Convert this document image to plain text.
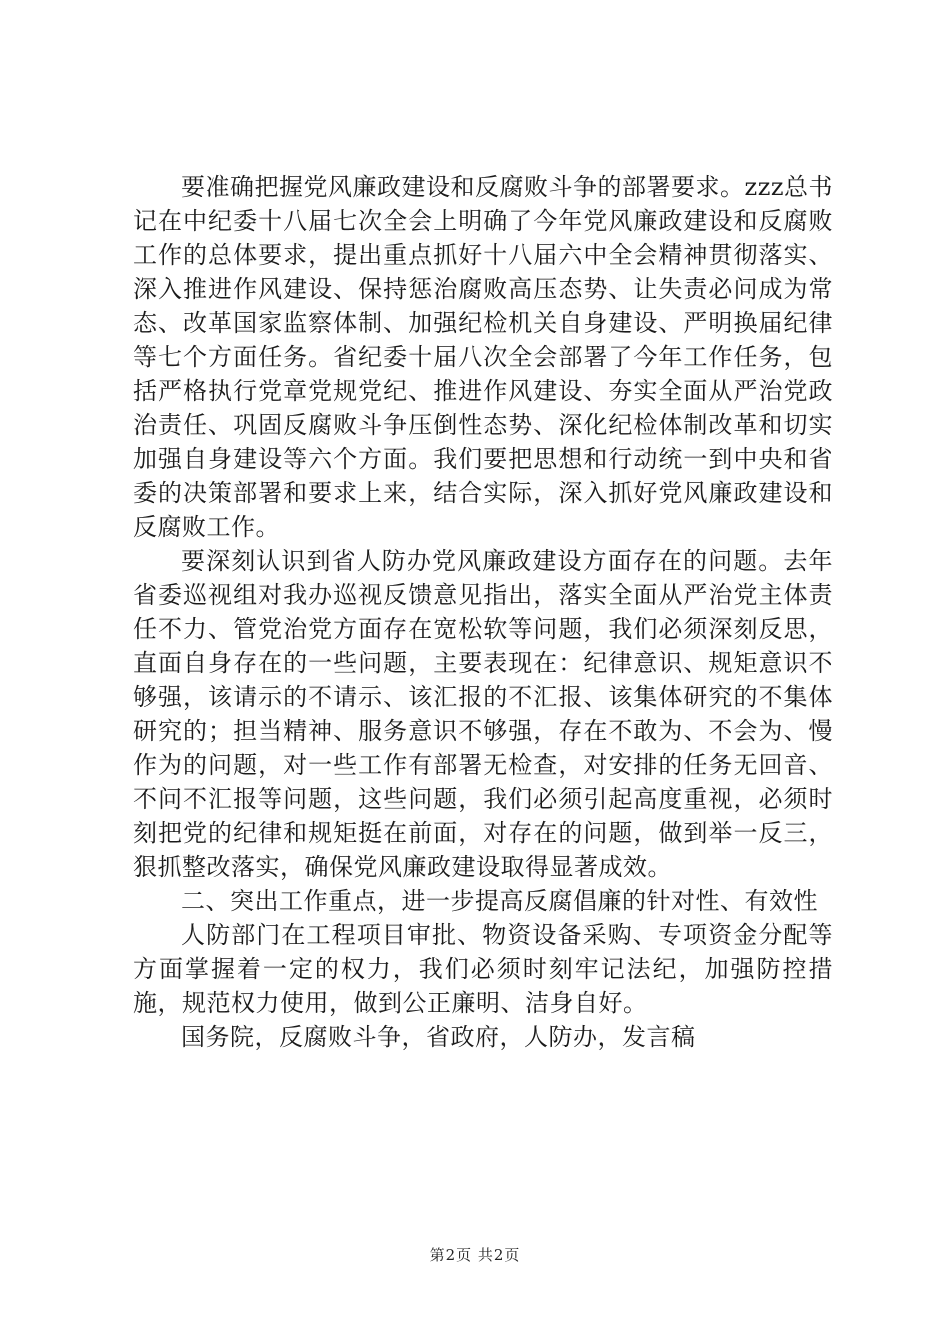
要准确把握党风廉政建设和反腐败斗争的部署要求。zzz总书记在中纪委十八届七次全会上明确了今年党风廉政建设和反腐败工作的总体要求，提出重点抓好十八届六中全会精神贯彻落实、深入推进作风建设、保持惩治腐败高压态势、让失责必问成为常态、改革国家监察体制、加强纪检机关自身建设、严明换届纪律等七个方面任务。省纪委十届八次全会部署了今年工作任务，包括严格执行党章党规党纪、推进作风建设、夯实全面从严治党政治责任、巩固反腐败斗争压倒性态势、深化纪检体制改革和切实加强自身建设等六个方面。我们要把思想和行动统一到中央和省委的决策部署和要求上来，结合实际，深入抓好党风廉政建设和反腐败工作。

要深刻认识到省人防办党风廉政建设方面存在的问题。去年省委巡视组对我办巡视反馈意见指出，落实全面从严治党主体责任不力、管党治党方面存在宽松软等问题，我们必须深刻反思，直面自身存在的一些问题，主要表现在：纪律意识、规矩意识不够强，该请示的不请示、该汇报的不汇报、该集体研究的不集体研究的；担当精神、服务意识不够强，存在不敢为、不会为、慢作为的问题，对一些工作有部署无检查，对安排的任务无回音、不问不汇报等问题，这些问题，我们必须引起高度重视，必须时刻把党的纪律和规矩挺在前面，对存在的问题，做到举一反三，狠抓整改落实，确保党风廉政建设取得显著成效。

二、突出工作重点，进一步提高反腐倡廉的针对性、有效性

人防部门在工程项目审批、物资设备采购、专项资金分配等方面掌握着一定的权力，我们必须时刻牢记法纪，加强防控措施，规范权力使用，做到公正廉明、洁身自好。

国务院，反腐败斗争，省政府，人防办，发言稿

第2页 共2页
